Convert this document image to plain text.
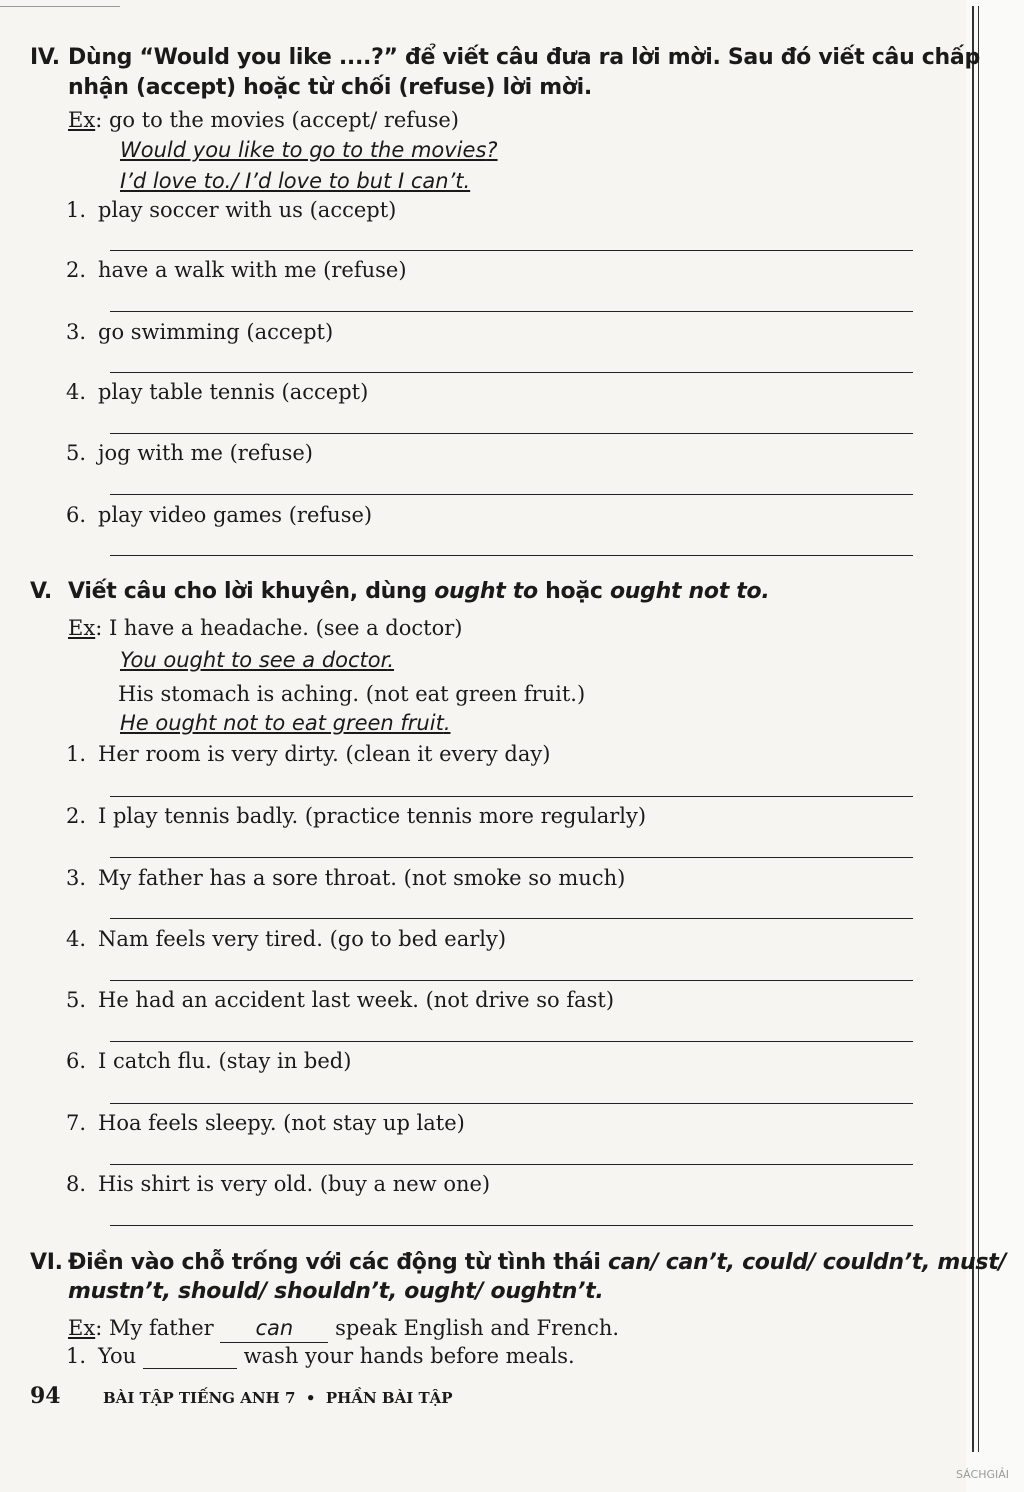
IV. Dùng “Would you like ....?” để viết câu đưa ra lời mời. Sau đó viết câu chấp
nhận (accept) hoặc từ chối (refuse) lời mời.
Ex: go to the movies (accept/ refuse)
Would you like to go to the movies?
I’d love to./ I’d love to but I can’t.
1. play soccer with us (accept)
2. have a walk with me (refuse)
3. go swimming (accept)
4. play table tennis (accept)
5. jog with me (refuse)
6. play video games (refuse)
V. Viết câu cho lời khuyên, dùng ought to hoặc ought not to.
Ex: I have a headache. (see a doctor)
You ought to see a doctor.
His stomach is aching. (not eat green fruit.)
He ought not to eat green fruit.
1. Her room is very dirty. (clean it every day)
2. I play tennis badly. (practice tennis more regularly)
3. My father has a sore throat. (not smoke so much)
4. Nam feels very tired. (go to bed early)
5. He had an accident last week. (not drive so fast)
6. I catch flu. (stay in bed)
7. Hoa feels sleepy. (not stay up late)
8. His shirt is very old. (buy a new one)
VI. Điền vào chỗ trống với các động từ tình thái can/ can’t, could/ couldn’t, must/
mustn’t, should/ shouldn’t, ought/ oughtn’t.
Ex: My father can speak English and French.
1. You	wash your hands before meals.
94	BÀI TẬP TIẾNG ANH 7 • PHẦN BÀI TẬP
SÁCHGIẢI
